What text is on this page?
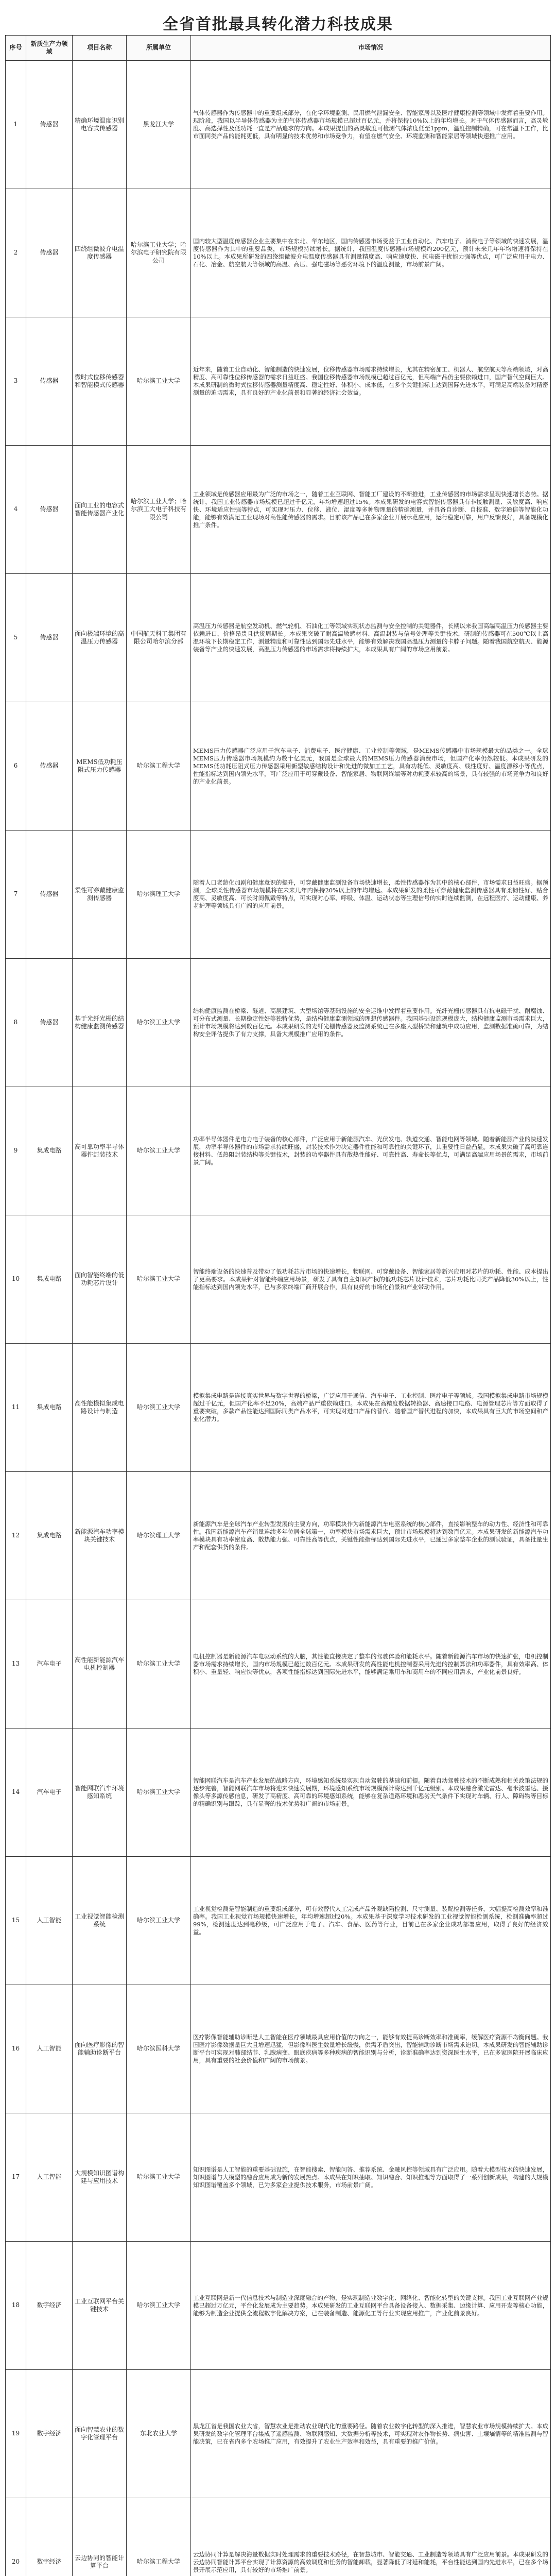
全省首批最具转化潜力科技成果
序号	新质生产力领域	项目名称	所属单位	市场情况
1	传感器	精确环境温度识别电容式传感器	黑龙江大学	气体传感器作为传感器中的重要组成部分，在化学环境监测、民用燃气泄漏安全、智能家居以及医疗健康检测等领域中发挥着重要作用。现阶段，我国以半导体传感器为主的气体传感器市场规模已超过百亿元，并将保持10%以上的年均增长。对于气体传感器而言，高灵敏度、高选择性及低功耗一直是产品追求的方向。本成果提出的高灵敏度可检测气体浓度低至1ppm，温度控制精确，可在常温下工作，比市面同类产品的能耗更低，具有明显的技术优势和市场竞争力，有望在燃气安全、环境监测和智能家居等领域快速推广应用。
2	传感器	四绕组微波介电温度传感器	哈尔滨工业大学；哈尔滨电子研究院有限公司	国内较大型温度传感器企业主要集中在东北、华东地区，国内传感器市场受益于工业自动化、汽车电子、消费电子等领域的快速发展，温度传感器作为其中的重要品类，市场规模持续增长。据统计，我国温度传感器市场规模约200亿元，预计未来几年年均增速将保持在10%以上。本成果所研发的四绕组微波介电温度传感器具有测量精度高、响应速度快、抗电磁干扰能力强等优点，可广泛应用于电力、石化、冶金、航空航天等领域的高温、高压、强电磁场等恶劣环境下的温度测量，市场前景广阔。
3	传感器	微时式位移传感器和智能模式传感器	哈尔滨工业大学	近年来，随着工业自动化、智能制造的快速发展，位移传感器市场需求持续增长，尤其在精密加工、机器人、航空航天等高端领域，对高精度、高可靠性位移传感器的需求日益旺盛。我国位移传感器市场规模已超过百亿元，但高端产品仍主要依赖进口，国产替代空间巨大。本成果研制的微时式位移传感器测量精度高、稳定性好、体积小、成本低，在多个关键指标上达到国际先进水平，可满足高端装备对精密测量的迫切需求，具有良好的产业化前景和显著的经济社会效益。
4	传感器	面向工业的电容式智能传感器产业化	哈尔滨工业大学；哈尔滨工大电子科技有限公司	工业领域是传感器应用最为广泛的市场之一，随着工业互联网、智能工厂建设的不断推进，工业传感器的市场需求呈现快速增长态势。据统计，我国工业传感器市场规模已超过千亿元，年均增速超过15%。本成果研发的电容式智能传感器具有非接触测量、灵敏度高、响应快、环境适应性强等特点，可实现对压力、位移、液位、湿度等多种物理量的精确测量，并具备自诊断、自校准、数字通信等智能化功能，能够有效满足工业现场对高性能传感器的需求。目前该产品已在多家企业开展示范应用，运行稳定可靠，用户反馈良好，具备规模化推广条件。
5	传感器	面向极端环境的高温压力传感器	中国航天科工集团有限公司哈尔滨分部	高温压力传感器是航空发动机、燃气轮机、石油化工等领域实现状态监测与安全控制的关键器件，长期以来我国高端高温压力传感器主要依赖进口，价格昂贵且供货周期长。本成果突破了耐高温敏感材料、高温封装与信号处理等关键技术，研制的传感器可在500℃以上高温环境下长期稳定工作，测量精度和可靠性达到国际先进水平，能够有效解决我国高温压力测量的卡脖子问题。随着我国航空航天、能源装备等产业的快速发展，高温压力传感器的市场需求将持续扩大，本成果具有广阔的市场应用前景。
6	传感器	MEMS低功耗压阻式压力传感器	哈尔滨工程大学	MEMS压力传感器广泛应用于汽车电子、消费电子、医疗健康、工业控制等领域，是MEMS传感器中市场规模最大的品类之一。全球MEMS压力传感器市场规模约为数十亿美元，我国是全球最大的MEMS压力传感器消费市场，但国产化率仍然较低。本成果研发的MEMS低功耗压阻式压力传感器采用新型敏感结构设计和先进的微加工工艺，具有功耗低、灵敏度高、线性度好、温度漂移小等优点，性能指标达到国内领先水平，可广泛应用于可穿戴设备、智能家居、物联网终端等对功耗要求较高的场景，具有较强的市场竞争力和良好的产业化前景。
7	传感器	柔性可穿戴健康监测传感器	哈尔滨理工大学	随着人口老龄化加剧和健康意识的提升，可穿戴健康监测设备市场快速增长，柔性传感器作为其中的核心部件，市场需求日益旺盛。据预测，全球柔性传感器市场规模将在未来几年内保持20%以上的年均增速。本成果研发的柔性可穿戴健康监测传感器具有柔韧性好、贴合度高、灵敏度高、可长时间佩戴等特点，可实现对心率、呼吸、体温、运动状态等生理信号的实时连续监测，在远程医疗、运动健康、养老护理等领域具有广阔的应用前景。
8	传感器	基于光纤光栅的结构健康监测传感器	哈尔滨工业大学	结构健康监测在桥梁、隧道、高层建筑、大型场馆等基础设施的安全运维中发挥着重要作用。光纤光栅传感器具有抗电磁干扰、耐腐蚀、可分布式测量、长期稳定性好等独特优势，是结构健康监测领域的理想传感器件。我国基础设施规模庞大，结构健康监测市场需求巨大，预计市场规模将达到数百亿元。本成果研发的光纤光栅传感器及监测系统已在多座大型桥梁和建筑中成功应用，监测数据准确可靠，为结构安全评估提供了有力支撑，具备大规模推广应用的条件。
9	集成电路	高可靠功率半导体器件封装技术	哈尔滨工业大学	功率半导体器件是电力电子装备的核心部件，广泛应用于新能源汽车、光伏发电、轨道交通、智能电网等领域。随着新能源产业的快速发展，功率半导体器件的市场需求持续旺盛，封装技术作为决定器件性能和可靠性的关键环节，其重要性日益凸显。本成果突破了高可靠连接材料、低热阻封装结构等关键技术，封装的功率器件具有散热性能好、可靠性高、寿命长等优点，可满足高端应用场景的需求，市场前景广阔。
10	集成电路	面向智能终端的低功耗芯片设计	哈尔滨工业大学	智能终端设备的快速普及带动了低功耗芯片市场的快速增长，物联网、可穿戴设备、智能家居等新兴应用对芯片的功耗、性能、成本提出了更高要求。本成果针对智能终端应用场景，研发了具有自主知识产权的低功耗芯片设计技术，芯片功耗比同类产品降低30%以上，性能指标达到国内领先水平，已与多家终端厂商开展合作，具有良好的市场化前景和产业带动作用。
11	集成电路	高性能模拟集成电路设计与制造	哈尔滨工业大学	模拟集成电路是连接真实世界与数字世界的桥梁，广泛应用于通信、汽车电子、工业控制、医疗电子等领域。我国模拟集成电路市场规模超过千亿元，但国产化率不足20%，高端产品严重依赖进口。本成果在高精度数据转换器、高速接口电路、电源管理芯片等方面取得了重要突破，多款产品性能达到国际同类产品水平，可实现对进口产品的替代。随着国产替代进程的加快，本成果具有巨大的市场空间和产业化潜力。
12	集成电路	新能源汽车功率模块关键技术	哈尔滨理工大学	新能源汽车是全球汽车产业转型发展的主要方向，功率模块作为新能源汽车电驱系统的核心部件，直接影响整车的动力性、经济性和可靠性。我国新能源汽车产销量连续多年位居全球第一，功率模块市场需求巨大，预计市场规模将达到数百亿元。本成果研发的新能源汽车功率模块具有功率密度高、散热能力强、可靠性高等优点，关键性能指标达到国际先进水平，已通过多家整车企业的测试验证，具备批量生产和配套供货的条件。
13	汽车电子	高性能新能源汽车电机控制器	哈尔滨工业大学	电机控制器是新能源汽车电驱动系统的大脑，其性能直接决定了整车的驾驶体验和能耗水平。随着新能源汽车市场的快速扩张，电机控制器市场需求持续增长，国内市场规模已超过数百亿元。本成果研发的高性能电机控制器采用先进的控制算法和功率器件，具有效率高、体积小、重量轻、响应快等优点，各项性能指标达到国际先进水平，能够满足乘用车和商用车的不同应用需求，产业化前景良好。
14	汽车电子	智能网联汽车环境感知系统	哈尔滨工业大学	智能网联汽车是汽车产业发展的战略方向，环境感知系统是实现自动驾驶的基础和前提。随着自动驾驶技术的不断成熟和相关政策法规的逐步完善，智能网联汽车市场将迎来快速发展期，环境感知系统市场规模预计将达到千亿元级别。本成果融合激光雷达、毫米波雷达、摄像头等多源传感信息，研发了高精度、高可靠的环境感知系统，能够在复杂道路环境和恶劣天气条件下实现对车辆、行人、障碍物等目标的精确识别与跟踪，具有显著的技术优势和广阔的市场前景。
15	人工智能	工业视觉智能检测系统	哈尔滨工业大学	工业视觉检测是智能制造的重要组成部分，可有效替代人工完成产品外观缺陷检测、尺寸测量、装配检测等任务，大幅提高检测效率和准确率。我国工业视觉市场规模快速增长，年均增速超过20%。本成果基于深度学习技术研发的工业视觉智能检测系统，检测准确率超过99%，检测速度达到毫秒级，可广泛应用于电子、汽车、食品、医药等行业，目前已在多家企业成功部署应用，取得了良好的经济效益。
16	人工智能	面向医疗影像的智能辅助诊断平台	哈尔滨医科大学	医疗影像智能辅助诊断是人工智能在医疗领域最具应用价值的方向之一，能够有效提高诊断效率和准确率，缓解医疗资源不均衡问题。我国医疗影像数据量巨大且增速迅猛，但影像科医生数量增长缓慢，供需矛盾突出，智能辅助诊断市场需求迫切。本成果研发的智能辅助诊断平台可实现对肺部结节、乳腺病变、眼底疾病等多种疾病的智能识别与分析，诊断准确率达到资深医生水平，已在多家医院开展临床应用，具有重要的社会价值和广阔的市场前景。
17	人工智能	大规模知识图谱构建与应用技术	哈尔滨工业大学	知识图谱是人工智能的重要基础设施，在智能搜索、智能问答、推荐系统、金融风控等领域具有广泛应用。随着大模型技术的快速发展，知识图谱与大模型的融合应用成为新的发展热点。本成果在知识抽取、知识融合、知识推理等方面取得了一系列创新成果，构建的大规模知识图谱覆盖多个领域，已为多家企业提供技术服务，市场前景广阔。
18	数字经济	工业互联网平台关键技术	哈尔滨工业大学	工业互联网是新一代信息技术与制造业深度融合的产物，是实现制造业数字化、网络化、智能化转型的关键支撑。我国工业互联网产业规模已超过万亿元，平台化发展成为主要趋势。本成果研发的工业互联网平台具备设备接入、数据采集、边缘计算、应用开发等核心功能，能够为制造企业提供全流程数字化解决方案，已在装备制造、能源化工等行业实现应用推广，产业化前景良好。
19	数字经济	面向智慧农业的数字化管理平台	东北农业大学	黑龙江省是我国农业大省，智慧农业是推动农业现代化的重要路径。随着农业数字化转型的深入推进，智慧农业市场规模持续扩大。本成果研发的数字化管理平台集成了遥感监测、物联网感知、大数据分析等技术，可实现对农作物长势、病虫害、土壤墒情等的精准监测与智能决策，已在省内多个农场推广应用，有效提升了农业生产效率和效益，具有重要的推广价值。
20	数字经济	云边协同的智能计算平台	哈尔滨工程大学	云边协同计算是解决海量数据实时处理需求的重要技术路径，在智慧城市、智能交通、工业制造等领域具有广泛应用前景。本成果研发的云边协同智能计算平台实现了计算资源的高效调度和任务的智能卸载，显著降低了时延和能耗，平台性能达到国内先进水平，已在多个场景开展示范应用，具有较好的市场推广前景。
